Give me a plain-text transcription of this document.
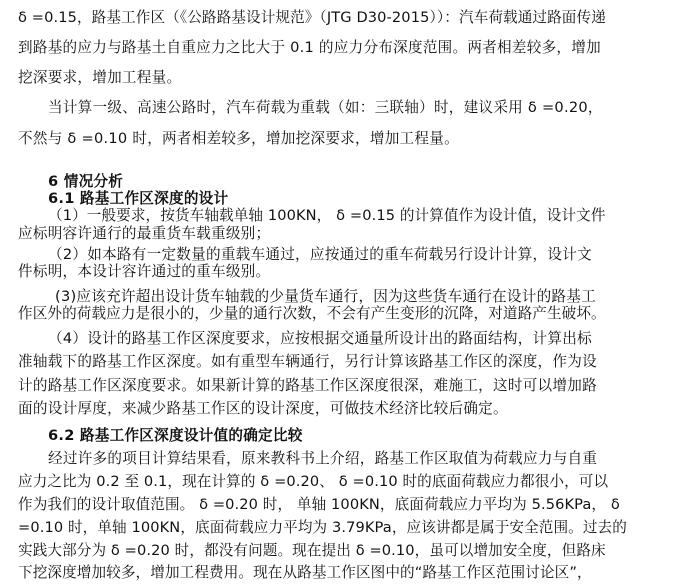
δ =0.15，路基工作区（《公路路基设计规范》（JTG D30-2015））：汽车荷载通过路面传递
到路基的应力与路基土自重应力之比大于 0.1 的应力分布深度范围。两者相差较多，增加
挖深要求，增加工程量。
当计算一级、高速公路时，汽车荷载为重载（如：三联轴）时，建议采用 δ =0.20，
不然与 δ =0.10 时，两者相差较多，增加挖深要求，增加工程量。
6 情况分析
6.1 路基工作区深度的设计
（1）一般要求，按货车轴载单轴 100KN， δ =0.15 的计算值作为设计值，设计文件
应标明容许通行的最重货车载重级别；
（2）如本路有一定数量的重载车通过，应按通过的重车荷载另行设计计算，设计文
件标明，本设计容许通过的重车级别。
(3)应该充许超出设计货车轴载的少量货车通行，因为这些货车通行在设计的路基工
作区外的荷载应力是很小的，少量的通行次数，不会有产生变形的沉降，对道路产生破坏。
（4）设计的路基工作区深度要求，应按根据交通量所设计出的路面结构，计算出标
准轴载下的路基工作区深度。如有重型车辆通行，另行计算该路基工作区的深度，作为设
计的路基工作区深度要求。如果新计算的路基工作区深度很深，难施工，这时可以增加路
面的设计厚度，来减少路基工作区的设计深度，可做技术经济比较后确定。
6.2 路基工作区深度设计值的确定比较
经过许多的项目计算结果看，原来教科书上介绍，路基工作区取值为荷载应力与自重
应力之比为 0.2 至 0.1，现在计算的 δ =0.20、 δ =0.10 时的底面荷载应力都很小，可以
作为我们的设计取值范围。 δ =0.20 时， 单轴 100KN，底面荷载应力平均为 5.56KPa， δ
=0.10 时，单轴 100KN，底面荷载应力平均为 3.79KPa，应该讲都是属于安全范围。过去的
实践大部分为 δ =0.20 时，都没有问题。现在提出 δ =0.10，虽可以增加安全度，但路床
下挖深度增加较多，增加工程费用。现在从路基工作区图中的“路基工作区范围讨论区”，
